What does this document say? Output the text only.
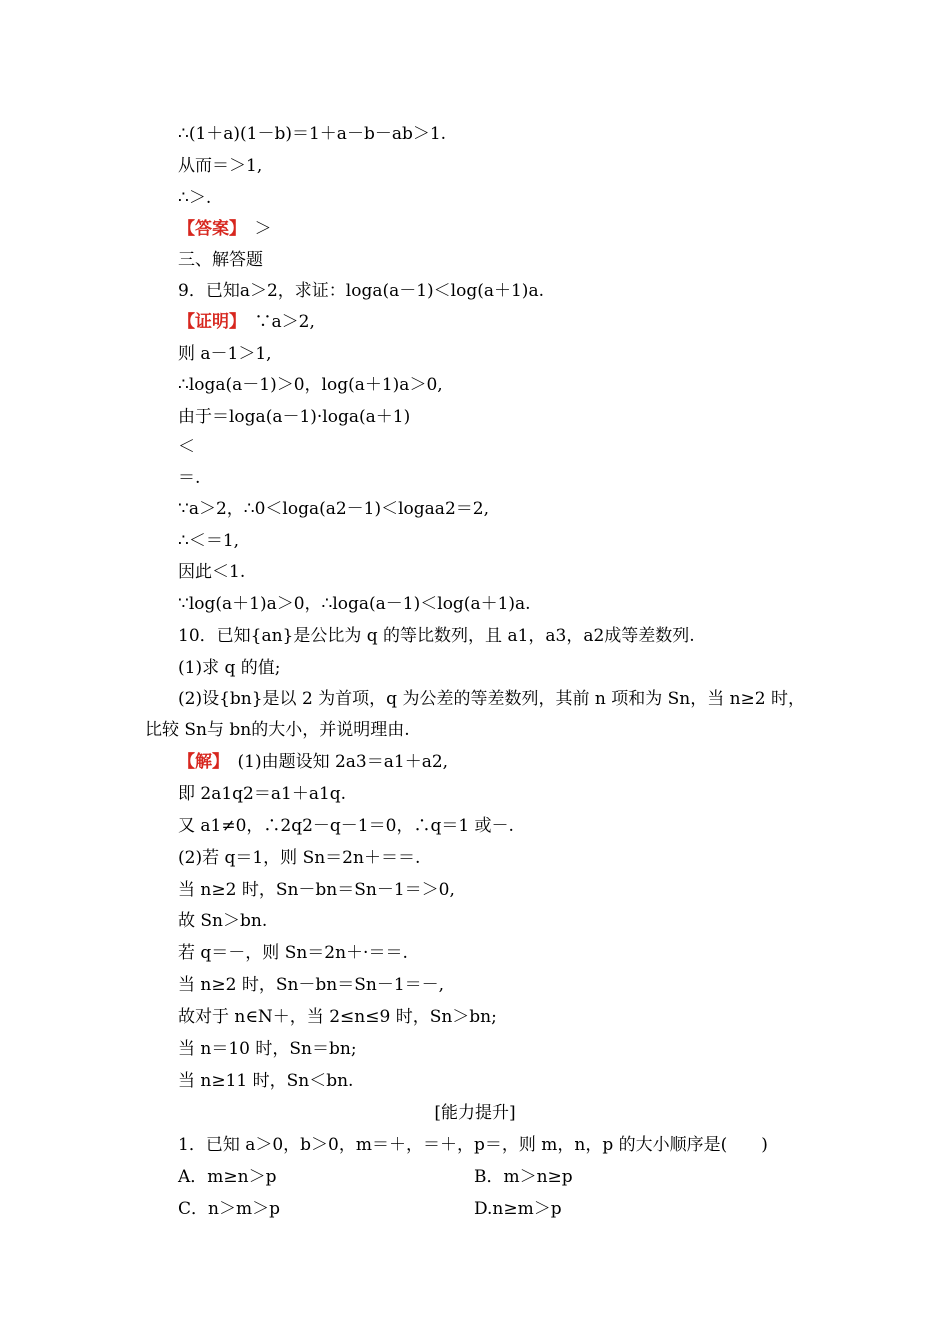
∴(1＋a)(1－b)＝1＋a－b－ab＞1.
从而＝＞1,
∴＞.
【答案】　＞
三、解答题
9．已知a＞2，求证：loga(a－1)＜log(a＋1)a.
【证明】　∵a＞2,
则 a－1＞1,
∴loga(a－1)＞0，log(a＋1)a＞0,
由于＝loga(a－1)·loga(a＋1)
＜
＝.
∵a＞2，∴0＜loga(a2－1)＜logaa2＝2,
∴＜＝1,
因此＜1.
∵log(a＋1)a＞0，∴loga(a－1)＜log(a＋1)a.
10．已知{an}是公比为 q 的等比数列，且 a1，a3，a2成等差数列.
(1)求 q 的值;
(2)设{bn}是以 2 为首项，q 为公差的等差数列，其前 n 项和为 Sn，当 n≥2 时，
比较 Sn与 bn的大小，并说明理由.
【解】　(1)由题设知 2a3＝a1＋a2,
即 2a1q2＝a1＋a1q.
又 a1≠0，∴2q2－q－1＝0，∴q＝1 或－.
(2)若 q＝1，则 Sn＝2n＋＝＝.
当 n≥2 时，Sn－bn＝Sn－1＝＞0,
故 Sn＞bn.
若 q＝－，则 Sn＝2n＋·＝＝.
当 n≥2 时，Sn－bn＝Sn－1＝－,
故对于 n∈N＋，当 2≤n≤9 时，Sn＞bn;
当 n＝10 时，Sn＝bn;
当 n≥11 时，Sn＜bn.
[能力提升]
1．已知 a＞0，b＞0，m＝＋，＝＋，p＝，则 m，n，p 的大小顺序是(　　)
A．m≥n＞p	B．m＞n≥p
C．n＞m＞p	D.n≥m＞p
